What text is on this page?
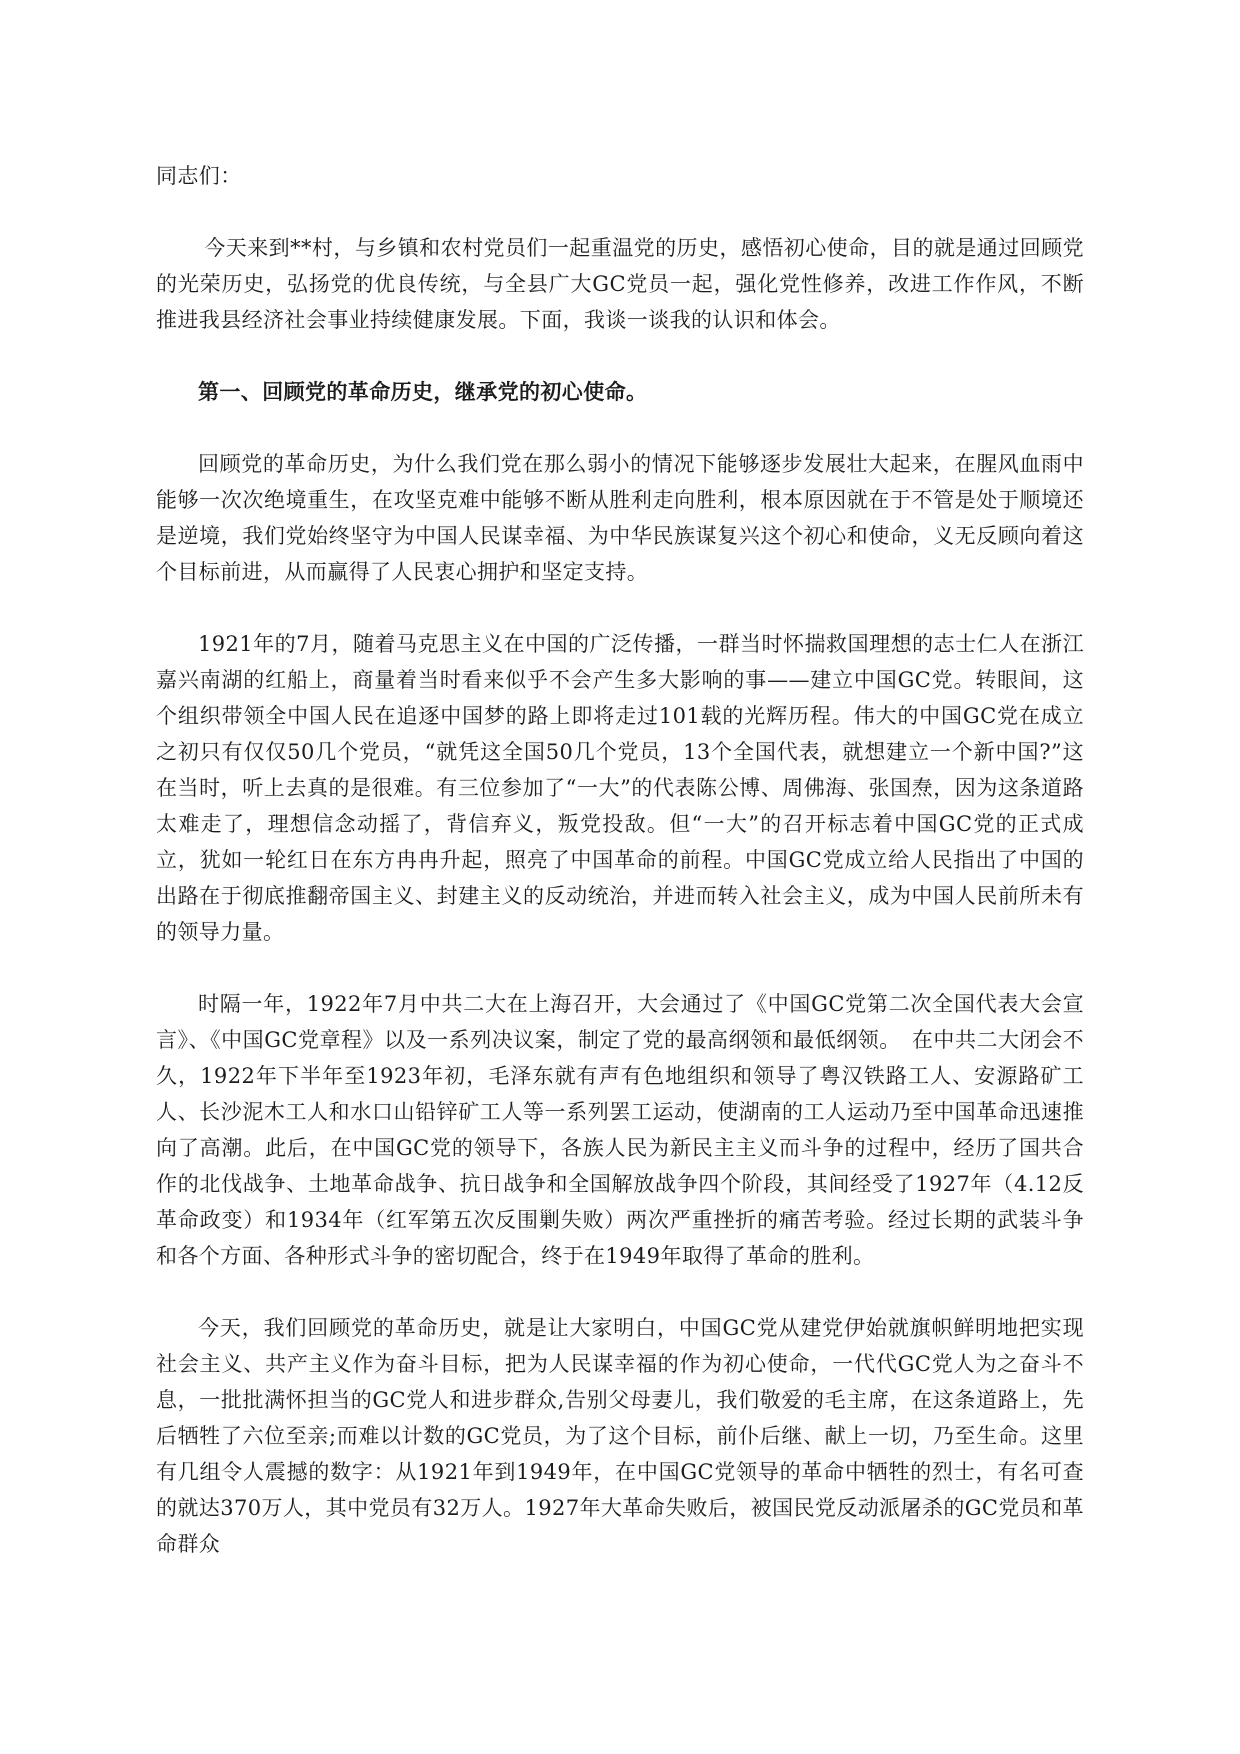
同志们：

今天来到**村，与乡镇和农村党员们一起重温党的历史，感悟初心使命，目的就是通过回顾党的光荣历史，弘扬党的优良传统，与全县广大GC党员一起，强化党性修养，改进工作作风，不断推进我县经济社会事业持续健康发展。下面，我谈一谈我的认识和体会。

第一、回顾党的革命历史，继承党的初心使命。

回顾党的革命历史，为什么我们党在那么弱小的情况下能够逐步发展壮大起来，在腥风血雨中能够一次次绝境重生，在攻坚克难中能够不断从胜利走向胜利，根本原因就在于不管是处于顺境还是逆境，我们党始终坚守为中国人民谋幸福、为中华民族谋复兴这个初心和使命，义无反顾向着这个目标前进，从而赢得了人民衷心拥护和坚定支持。

1921年的7月，随着马克思主义在中国的广泛传播，一群当时怀揣救国理想的志士仁人在浙江嘉兴南湖的红船上，商量着当时看来似乎不会产生多大影响的事——建立中国GC党。转眼间，这个组织带领全中国人民在追逐中国梦的路上即将走过101载的光辉历程。伟大的中国GC党在成立之初只有仅仅50几个党员，“就凭这全国50几个党员，13个全国代表，就想建立一个新中国?”这在当时，听上去真的是很难。有三位参加了“一大”的代表陈公博、周佛海、张国焘，因为这条道路太难走了，理想信念动摇了，背信弃义，叛党投敌。但“一大”的召开标志着中国GC党的正式成立，犹如一轮红日在东方冉冉升起，照亮了中国革命的前程。中国GC党成立给人民指出了中国的出路在于彻底推翻帝国主义、封建主义的反动统治，并进而转入社会主义，成为中国人民前所未有的领导力量。

时隔一年，1922年7月中共二大在上海召开，大会通过了《中国GC党第二次全国代表大会宣言》、《中国GC党章程》以及一系列决议案，制定了党的最高纲领和最低纲领。　在中共二大闭会不久，1922年下半年至1923年初，毛泽东就有声有色地组织和领导了粤汉铁路工人、安源路矿工人、长沙泥木工人和水口山铅锌矿工人等一系列罢工运动，使湖南的工人运动乃至中国革命迅速推向了高潮。此后，在中国GC党的领导下，各族人民为新民主主义而斗争的过程中，经历了国共合作的北伐战争、土地革命战争、抗日战争和全国解放战争四个阶段，其间经受了1927年（4.12反革命政变）和1934年（红军第五次反围剿失败）两次严重挫折的痛苦考验。经过长期的武装斗争和各个方面、各种形式斗争的密切配合，终于在1949年取得了革命的胜利。

今天，我们回顾党的革命历史，就是让大家明白，中国GC党从建党伊始就旗帜鲜明地把实现社会主义、共产主义作为奋斗目标，把为人民谋幸福的作为初心使命，一代代GC党人为之奋斗不息，一批批满怀担当的GC党人和进步群众,告别父母妻儿，我们敬爱的毛主席，在这条道路上，先后牺牲了六位至亲;而难以计数的GC党员，为了这个目标，前仆后继、献上一切，乃至生命。这里有几组令人震撼的数字：从1921年到1949年，在中国GC党领导的革命中牺牲的烈士，有名可查的就达370万人，其中党员有32万人。1927年大革命失败后，被国民党反动派屠杀的GC党员和革命群众
